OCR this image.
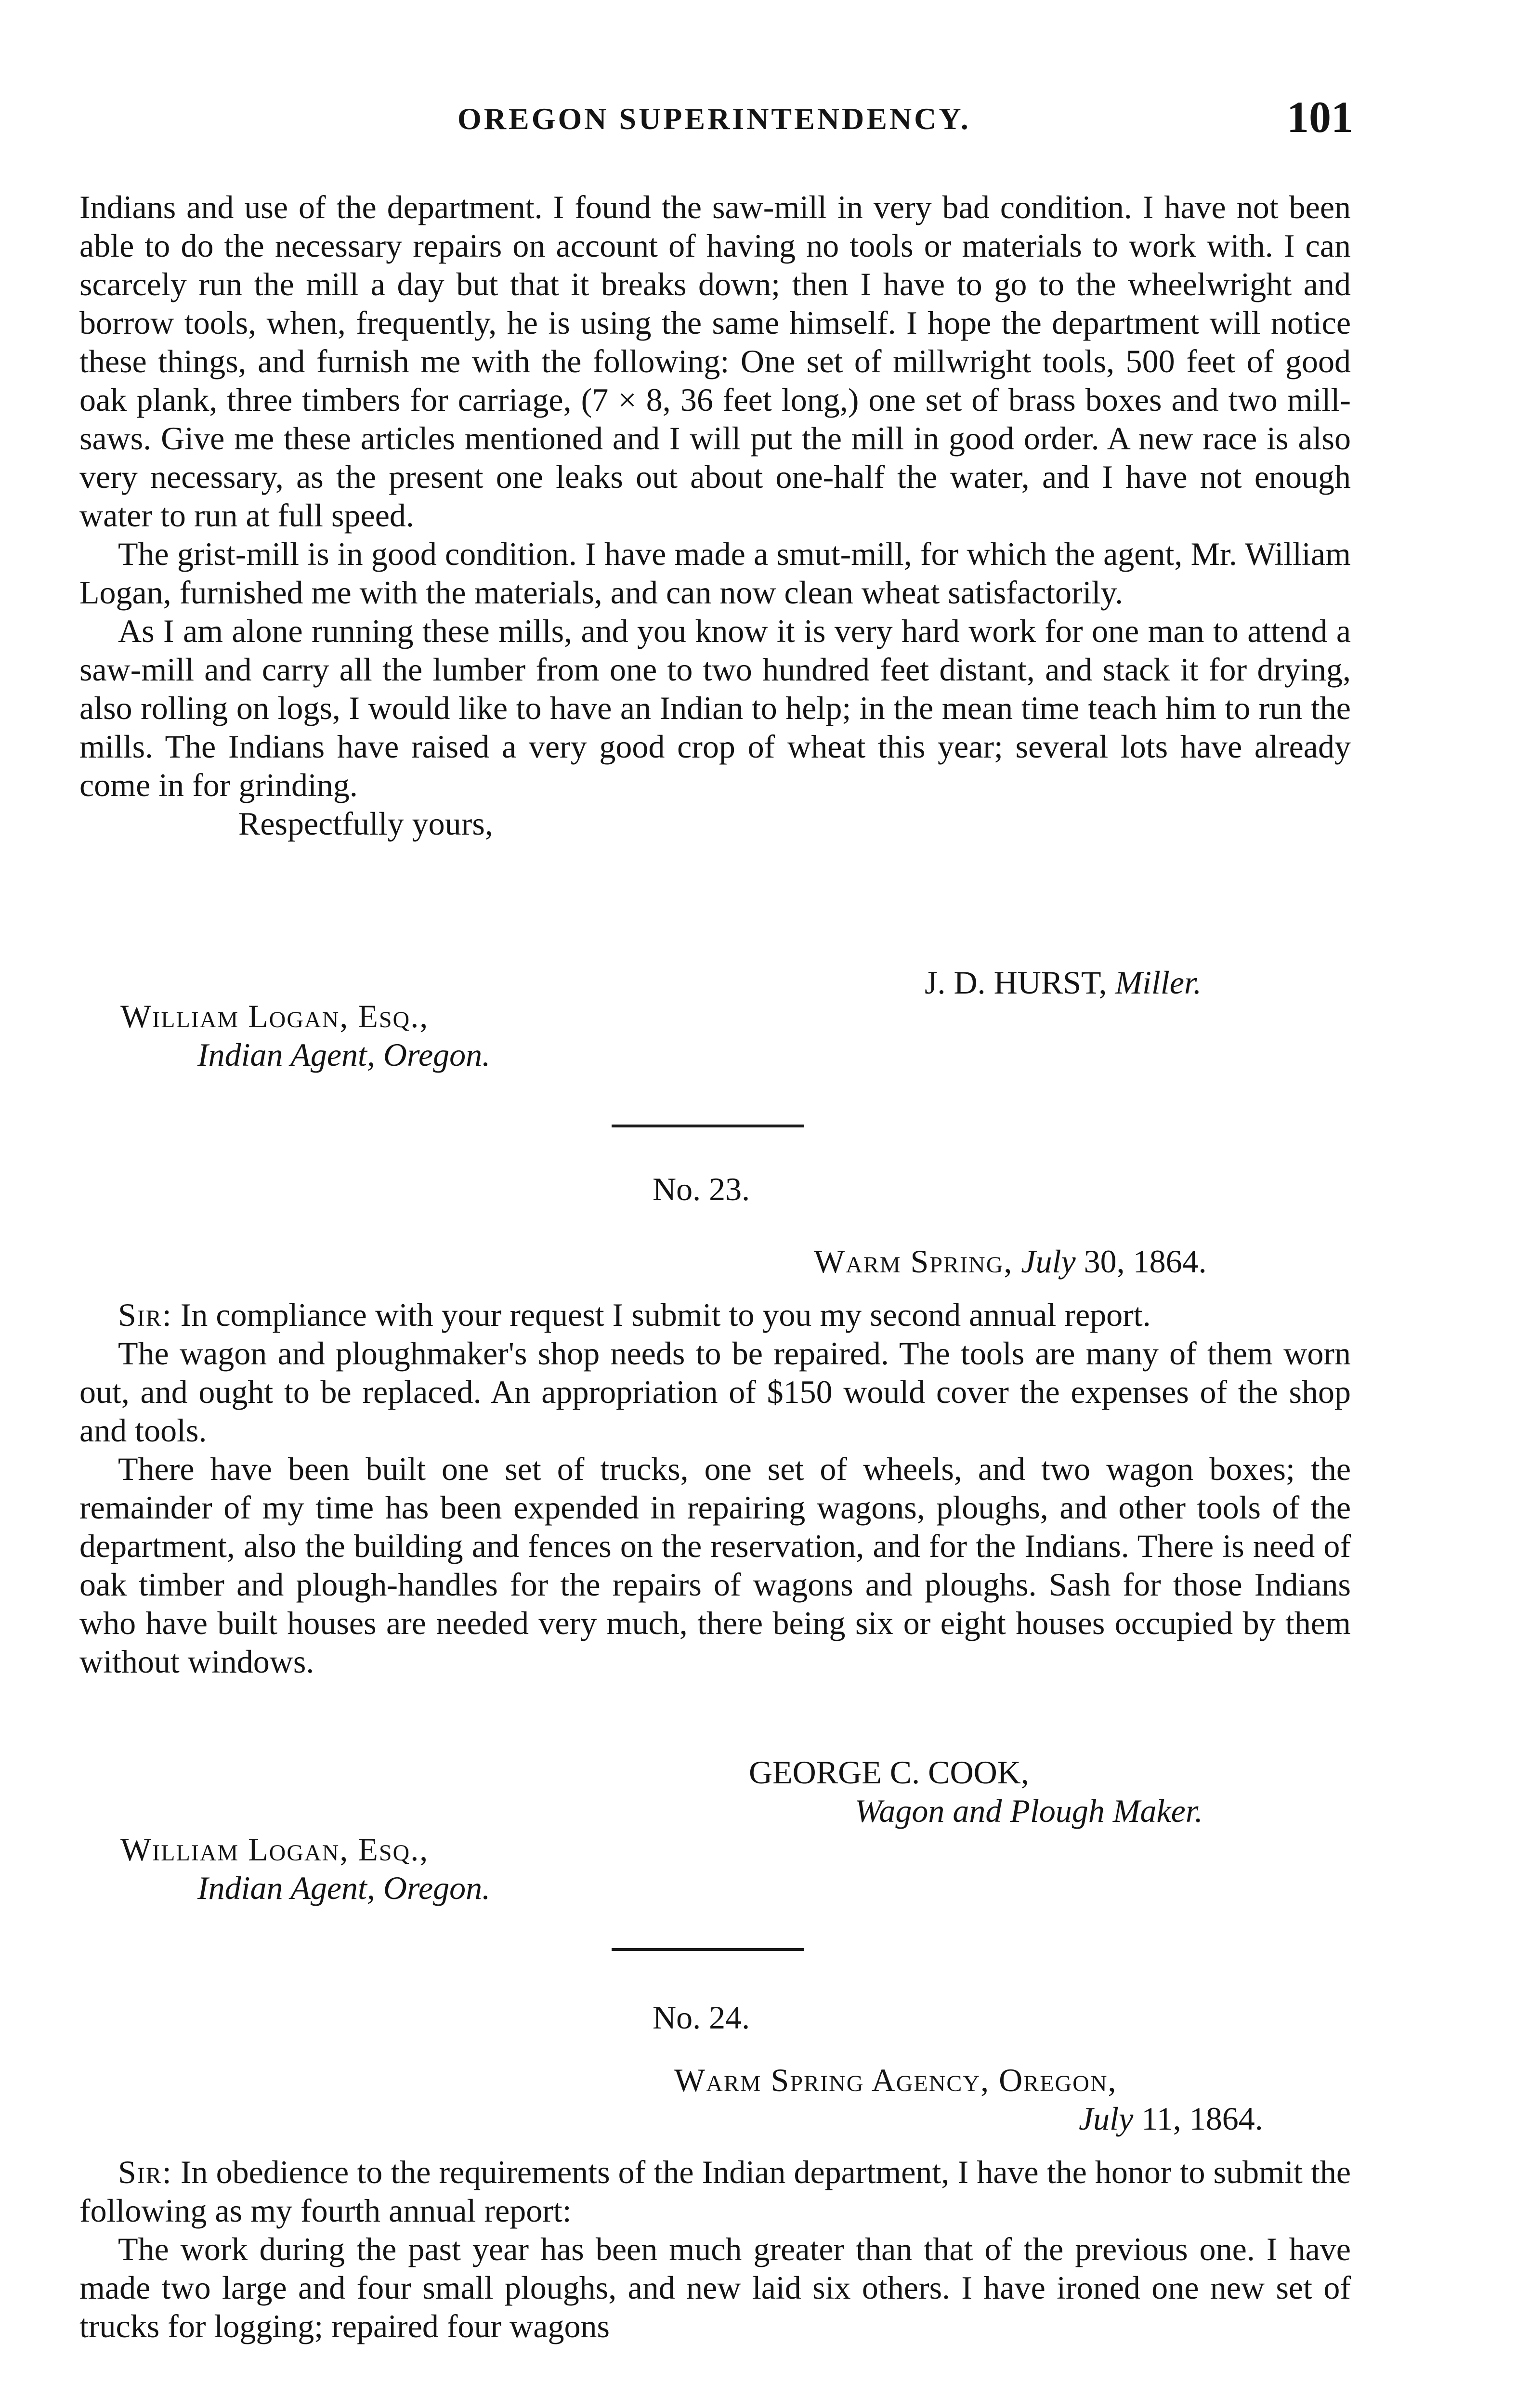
OREGON SUPERINTENDENCY.	101

Indians and use of the department. I found the saw-mill in very bad condition. I have not been able to do the necessary repairs on account of having no tools or materials to work with. I can scarcely run the mill a day but that it breaks down; then I have to go to the wheelwright and borrow tools, when, frequently, he is using the same himself. I hope the department will notice these things, and furnish me with the following: One set of millwright tools, 500 feet of good oak plank, three timbers for carriage, (7 × 8, 36 feet long,) one set of brass boxes and two mill-saws. Give me these articles mentioned and I will put the mill in good order. A new race is also very necessary, as the present one leaks out about one-half the water, and I have not enough water to run at full speed.

The grist-mill is in good condition. I have made a smut-mill, for which the agent, Mr. William Logan, furnished me with the materials, and can now clean wheat satisfactorily.

As I am alone running these mills, and you know it is very hard work for one man to attend a saw-mill and carry all the lumber from one to two hundred feet distant, and stack it for drying, also rolling on logs, I would like to have an Indian to help; in the mean time teach him to run the mills. The Indians have raised a very good crop of wheat this year; several lots have already come in for grinding.

Respectfully yours,

J. D. HURST, Miller.
William Logan, Esq.,
Indian Agent, Oregon.
No. 23.
Warm Spring, July 30, 1864.

Sir: In compliance with your request I submit to you my second annual report.

The wagon and ploughmaker's shop needs to be repaired. The tools are many of them worn out, and ought to be replaced. An appropriation of $150 would cover the expenses of the shop and tools.

There have been built one set of trucks, one set of wheels, and two wagon boxes; the remainder of my time has been expended in repairing wagons, ploughs, and other tools of the department, also the building and fences on the reservation, and for the Indians. There is need of oak timber and plough-handles for the repairs of wagons and ploughs. Sash for those Indians who have built houses are needed very much, there being six or eight houses occupied by them without windows.

GEORGE C. COOK,
Wagon and Plough Maker.
William Logan, Esq.,
Indian Agent, Oregon.
No. 24.
Warm Spring Agency, Oregon,
July 11, 1864.

Sir: In obedience to the requirements of the Indian department, I have the honor to submit the following as my fourth annual report:

The work during the past year has been much greater than that of the previous one. I have made two large and four small ploughs, and new laid six others. I have ironed one new set of trucks for logging; repaired four wagons
